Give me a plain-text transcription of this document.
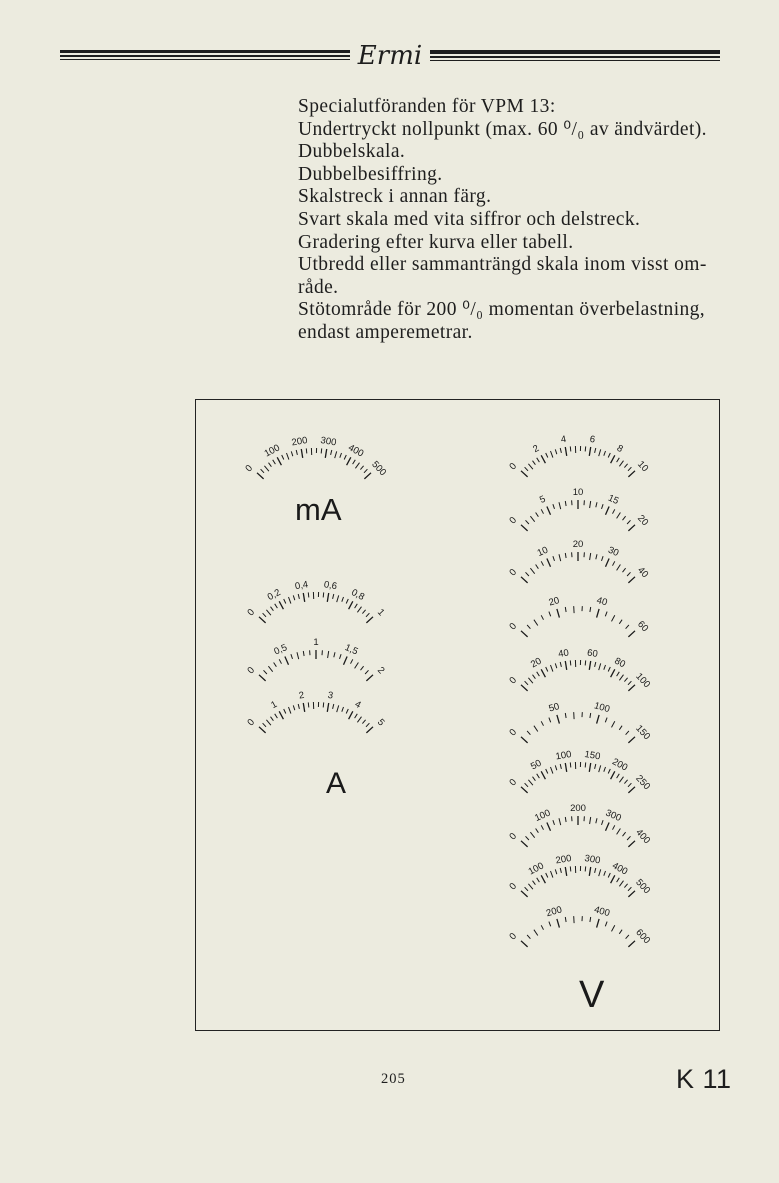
Ermi
Specialutföranden för VPM 13:
Undertryckt nollpunkt (max. 60 ⁰/₀ av ändvärdet).
Dubbelskala.
Dubbelbesiffring.
Skalstreck i annan färg.
Svart skala med vita siffror och delstreck.
Gradering efter kurva eller tabell.
Utbredd eller sammanträngd skala inom visst om-
råde.
Stötområde för 200 ⁰/₀ momentan överbelastning,
endast amperemetrar.
0
100
200 300
400
500
0
0,2
0,4 0,6
0,8
1
0
0,5	1	1,5
2
0
1
2 3
4
5
0
2
4 6
8
10
0
5
10
15
20
0
10
20
30
40
0
20	40
60
0
20
40 60
80
100
0
50	100
150
0
50
100 150
200
250
0
100 200 300
400
0
100
200 300
400
500
0
200	400
600
mA
A
V
205	K 11
